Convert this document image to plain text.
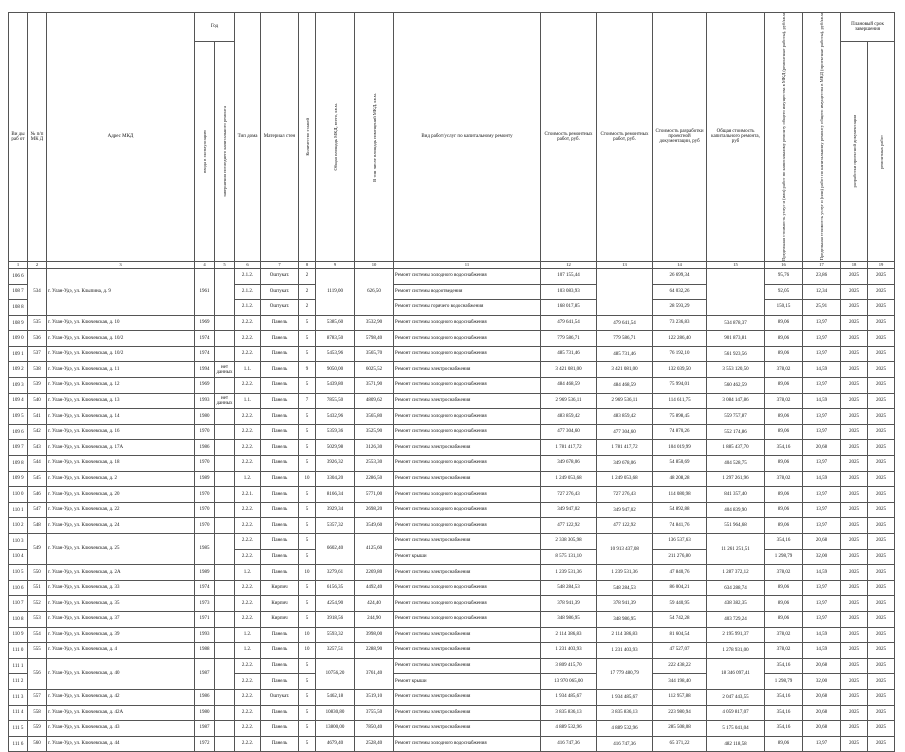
Ви ды раб от	№ п/п МК Д	Адрес МКД	Год		Тип дома	Материал стен	Количество этажей	Общая площадь МКД, всего, кв.м.	В том числе площадь помещений МКД, кв.м.	Вид работ/услуг по капитальному ремонту	Стоимость ремонтных работ, руб.	Стоимость ремонтных работ, руб.	Стоимость разработки проектной документации, руб	Общая стоимость капитального ремонта, руб	Предельная стоимость услуг и (или) работ по капитальному ремонту общего имущества в МКД (ремонтные работы), руб/кв.м	Предельная стоимость услуг и (или) работ по капитальному ремонту общего имущества в МКД (проектные работы), руб/кв.м	Плановый срок завершения	

			ввода в эксплуатацию	завершения последнего капитального ремонта													разработки проектной документации	ремонтных работ

1	2	3	4	5	6	7	8	9	10	11	12	13	14	15	16	17	18	19
106 6	534	г. Улан-Удэ, ул. Клыпина, д. 9	1961		2.1.2.	Оштукат.	2	1119,00	626,50	Ремонт системы холодного водоснабжения	107 155,44		26 699,34		95,76	23,86	2025	2025
108 7					2.1.2.	Оштукат.	2			Ремонт системы водоотведения	103 083,93		64 032,26		92,05	12,34	2025	2025
108 8					2.1.2.	Оштукат.	2			Ремонт системы горячего водоснабжения	168 017,85		28 593,29		150,15	25,91	2025	2025
108 9	535	г. Улан-Удэ, ул. Ключевская, д. 10	1969		2.2.2.	Панель	5	5385,60	3532,90	Ремонт системы холодного водоснабжения	479 641,54	479 641,54	73 236,83	534 878,37	89,06	13,97	2025	2025
109 0	536	г. Улан-Удэ, ул. Ключевская, д. 10/2	1974		2.2.2.	Панель	5	8783,50	5798,40	Ремонт системы холодного водоснабжения	779 586,71	779 586,71	122 286,40	901 873,81	89,06	13,97	2025	2025
109 1	537	г. Улан-Удэ, ул. Ключевская, д. 10/2	1974		2.2.2.	Панель	5	5453,96	3565,70	Ремонт системы холодного водоснабжения	485 731,46	485 731,46	76 192,10	561 923,56	89,06	13,97	2025	2025
109 2	538	г. Улан-Удэ, ул. Ключевская, д. 11	1994	нет данных	1.1.	Панель	9	9050,00	6025,52	Ремонт системы электроснабжения	3 421 081,00	3 421 081,00	132 039,50	3 553 120,50	378,02	14,59	2025	2025
109 3	539	г. Улан-Удэ, ул. Ключевская, д. 12	1969		2.2.2.	Панель	5	5439,80	3571,90	Ремонт системы холодного водоснабжения	484 468,59	484 468,59	75 994,01	560 462,59	89,06	13,97	2025	2025
109 4	540	г. Улан-Удэ, ул. Ключевская, д. 13	1993	нет данных	1.1.	Панель	7	7855,50	4809,62	Ремонт системы электроснабжения	2 969 536,11	2 969 536,11	114 611,75	3 084 147,86	378,02	14,59	2025	2025
109 5	541	г. Улан-Удэ, ул. Ключевская, д. 14	1980		2.2.2.	Панель	5	5432,96	3565,80	Ремонт системы холодного водоснабжения	483 859,42	483 859,42	75 898,45	559 757,87	89,06	13,97	2025	2025
109 6	542	г. Улан-Удэ, ул. Ключевская, д. 16	1970		2.2.2.	Панель	5	5359,36	3525,90	Ремонт системы холодного водоснабжения	477 304,60	477 304,60	74 870,26	552 174,86	89,06	13,97	2025	2025
109 7	543	г. Улан-Удэ, ул. Ключевская, д. 17А	1986		2.2.2.	Панель	5	5029,98	3126,30	Ремонт системы электроснабжения	1 781 417,72	1 781 417,72	104 019,99	1 885 437,70	354,16	20,68	2025	2025
109 8	544	г. Улан-Удэ, ул. Ключевская, д. 18	1970		2.2.2.	Панель	5	3926,32	2553,30	Ремонт системы холодного водоснабжения	349 678,06	349 678,06	54 850,69	404 528,75	89,06	13,97	2025	2025
109 9	545	г. Улан-Удэ, ул. Ключевская, д. 2	1989		1.2.	Панель	10	3304,20	2286,50	Ремонт системы электроснабжения	1 249 053,68	1 249 053,68	48 208,28	1 297 261,96	378,02	14,59	2025	2025
110 0	546	г. Улан-Удэ, ул. Ключевская, д. 20	1970		2.2.1.	Панель	5	8166,34	5771,00	Ремонт системы холодного водоснабжения	727 276,43	727 276,43	114 080,98	841 357,40	89,06	13,97	2025	2025
110 1	547	г. Улан-Удэ, ул. Ключевская, д. 22	1970		2.2.2.	Панель	5	3929,34	2698,20	Ремонт системы холодного водоснабжения	349 947,02	349 947,02	54 892,88	404 839,90	89,06	13,97	2025	2025
110 2	548	г. Улан-Удэ, ул. Ключевская, д. 24	1970		2.2.2.	Панель	5	5357,32	3549,60	Ремонт системы холодного водоснабжения	477 122,92	477 122,92	74 841,76	551 964,68	89,06	13,97	2025	2025
110 3	549	г. Улан-Удэ, ул. Ключевская, д. 25	1985		2.2.2.	Панель	5	6602,40	4125,60	Ремонт системы электроснабжения	2 338 305,98	10 913 437,08	136 537,63	11 261 251,51	354,16	20,68	2025	2025
110 4					2.2.2.	Панель	5			Ремонт крыши	8 575 131,10		211 276,80		1 298,79	32,00	2025	2025
110 5	550	г. Улан-Удэ, ул. Ключевская, д. 2А	1989		1.2.	Панель	10	3279,61	2269,80	Ремонт системы электроснабжения	1 239 531,36	1 239 531,36	47 840,76	1 287 372,12	378,02	14,59	2025	2025
110 6	551	г. Улан-Удэ, ул. Ключевская, д. 33	1974		2.2.2.	Кирпич	5	6156,35	4492,40	Ремонт системы холодного водоснабжения	548 284,53	548 284,53	86 004,21	634 288,74	89,06	13,97	2025	2025
110 7	552	г. Улан-Удэ, ул. Ключевская, д. 35	1973		2.2.2.	Кирпич	5	4254,90	424,40	Ремонт системы холодного водоснабжения	378 941,39	378 941,39	59 440,95	438 382,35	89,06	13,97	2025	2025
110 8	553	г. Улан-Удэ, ул. Ключевская, д. 37	1971		2.2.2.	Кирпич	5	3918,56	244,90	Ремонт системы холодного водоснабжения	348 986,95	348 986,95	54 742,28	403 729,24	89,06	13,97	2025	2025
110 9	554	г. Улан-Удэ, ул. Ключевская, д. 39	1993		1.2.	Панель	10	5593,32	3998,00	Ремонт системы электроснабжения	2 114 386,83	2 114 386,83	81 604,54	2 195 991,37	378,02	14,59	2025	2025
111 0	555	г. Улан-Удэ, ул. Ключевская, д. 4	1988		1.2.	Панель	10	3257,51	2288,90	Ремонт системы электроснабжения	1 231 403,93	1 231 403,93	47 527,07	1 278 931,00	378,02	14,59	2025	2025
111 1	556	г. Улан-Удэ, ул. Ключевская, д. 40	1987		2.2.2.	Панель	5	10756,20	3761,40	Ремонт системы электроснабжения	3 809 415,70	17 779 480,79	222 438,22	18 346 097,41	354,16	20,68	2025	2025
111 2					2.2.2.	Панель	5			Ремонт крыши	13 970 065,00		344 198,40		1 298,79	32,00	2025	2025
111 3	557	г. Улан-Удэ, ул. Ключевская, д. 42	1986		2.2.2.	Оштукат.	5	5462,18	3519,10	Ремонт системы электроснабжения	1 934 485,67	1 934 485,67	112 957,88	2 047 443,55	354,16	20,68	2025	2025
111 4	558	г. Улан-Удэ, ул. Ключевская, д. 42А	1980		2.2.2.	Панель	5	10830,80	3755,50	Ремонт системы электроснабжения	3 835 836,13	3 835 836,13	223 980,94	4 059 817,07	354,16	20,68	2025	2025
111 5	559	г. Улан-Удэ, ул. Ключевская, д. 43	1987		2.2.2.	Панель	5	13800,00	7850,40	Ремонт системы электроснабжения	4 889 532,96	4 889 532,96	285 508,08	5 175 041,04	354,16	20,68	2025	2025
111 6	560	г. Улан-Удэ, ул. Ключевская, д. 44	1972		2.2.2.	Панель	5	4679,40	2528,40	Ремонт системы холодного водоснабжения	416 747,36	416 747,36	65 371,22	482 118,58	89,06	13,97	2025	2025
